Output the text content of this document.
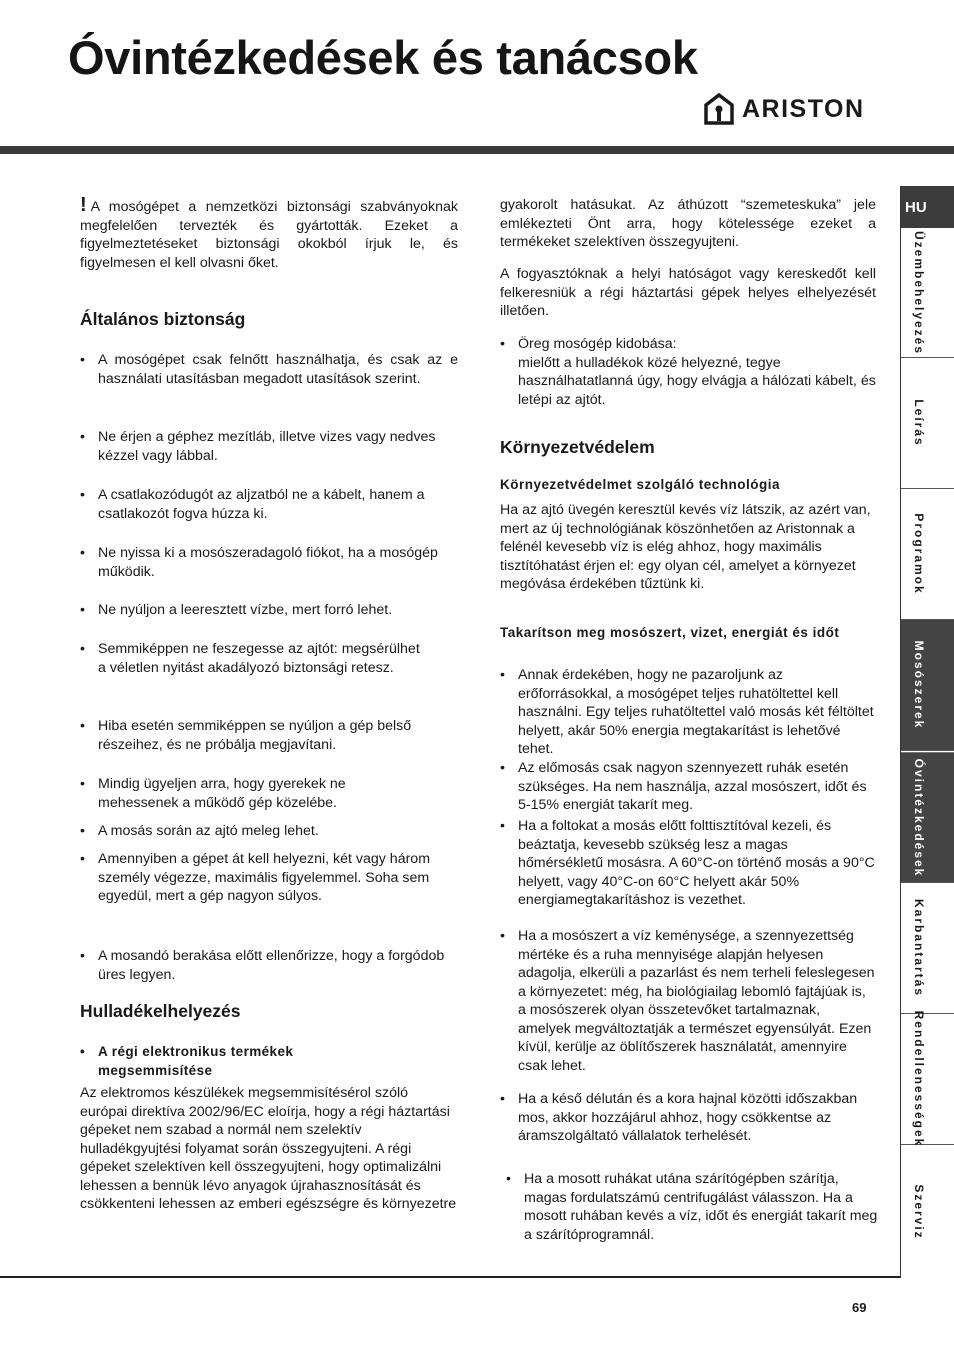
Óvintézkedések és tanácsok
ARISTON
HU
Üzembehelyezés
Leírás
Programok
Mosószerek
Óvintézkedések
Karbantartás
Rendellenességek
Szerviz

! A mosógépet a nemzetközi biztonsági szabványoknak megfelelően tervezték és gyártották. Ezeket a figyelmeztetéseket biztonsági okokból írjuk le, és figyelmesen el kell olvasni őket.

Általános biztonság
• A mosógépet csak felnőtt használhatja, és csak az e használati utasításban megadott utasítások szerint.
• Ne érjen a géphez mezítláb, illetve vizes vagy nedves kézzel vagy lábbal.
• A csatlakozódugót az aljzatból ne a kábelt, hanem a csatlakozót fogva húzza ki.
• Ne nyissa ki a mosószeradagoló fiókot, ha a mosógép működik.
• Ne nyúljon a leeresztett vízbe, mert forró lehet.
• Semmiképpen ne feszegesse az ajtót: megsérülhet a véletlen nyitást akadályozó biztonsági retesz.
• Hiba esetén semmiképpen se nyúljon a gép belső részeihez, és ne próbálja megjavítani.
• Mindig ügyeljen arra, hogy gyerekek ne mehessenek a működő gép közelébe.
• A mosás során az ajtó meleg lehet.
• Amennyiben a gépet át kell helyezni, két vagy három személy végezze, maximális figyelemmel. Soha sem egyedül, mert a gép nagyon súlyos.
• A mosandó berakása előtt ellenőrizze, hogy a forgódob üres legyen.
Hulladékelhelyezés
• A régi elektronikus termékek megsemmisítése

Az elektromos készülékek megsemmisítésérol szóló európai direktíva 2002/96/EC eloírja, hogy a régi háztartási gépeket nem szabad a normál nem szelektív hulladékgyujtési folyamat során összegyujteni. A régi gépeket szelektíven kell összegyujteni, hogy optimalizálni lehessen a bennük lévo anyagok újrahasznosítását és csökkenteni lehessen az emberi egészségre és környezetre

gyakorolt hatásukat. Az áthúzott “szemeteskuka” jele emlékezteti Önt arra, hogy kötelessége ezeket a termékeket szelektíven összegyujteni.

A fogyasztóknak a helyi hatóságot vagy kereskedőt kell felkeresniük a régi háztartási gépek helyes elhelyezését illetően.

• Öreg mosógép kidobása:
mielőtt a hulladékok közé helyezné, tegye használhatatlanná úgy, hogy elvágja a hálózati kábelt, és letépi az ajtót.
Környezetvédelem
Környezetvédelmet szolgáló technológia

Ha az ajtó üvegén keresztül kevés víz látszik, az azért van, mert az új technológiának köszönhetően az Aristonnak a felénél kevesebb víz is elég ahhoz, hogy maximális tisztítóhatást érjen el: egy olyan cél, amelyet a környezet megóvása érdekében tűztünk ki.

Takarítson meg mosószert, vizet, energiát és időt
• Annak érdekében, hogy ne pazaroljunk az erőforrásokkal, a mosógépet teljes ruhatöltettel kell használni. Egy teljes ruhatöltettel való mosás két féltöltet helyett, akár 50% energia megtakarítást is lehetővé tehet.
• Az előmosás csak nagyon szennyezett ruhák esetén szükséges. Ha nem használja, azzal mosószert, időt és 5-15% energiát takarít meg.
• Ha a foltokat a mosás előtt folttisztítóval kezeli, és beáztatja, kevesebb szükség lesz a magas hőmérsékletű mosásra. A 60°C-on történő mosás a 90°C helyett, vagy 40°C-on 60°C helyett akár 50% energiamegtakarításhoz is vezethet.
• Ha a mosószert a víz keménysége, a szennyezettség mértéke és a ruha mennyisége alapján helyesen adagolja, elkerüli a pazarlást és nem terheli feleslegesen a környezetet: még, ha biológiailag lebomló fajtájúak is, a mosószerek olyan összetevőket tartalmaznak, amelyek megváltoztatják a természet egyensúlyát. Ezen kívül, kerülje az öblítőszerek használatát, amennyire csak lehet.
• Ha a késő délután és a kora hajnal közötti időszakban mos, akkor hozzájárul ahhoz, hogy csökkentse az áramszolgáltató vállalatok terhelését.
• Ha a mosott ruhákat utána szárítógépben szárítja, magas fordulatszámú centrifugálást válasszon. Ha a mosott ruhában kevés a víz, időt és energiát takarít meg a szárítóprogramnál.
69
